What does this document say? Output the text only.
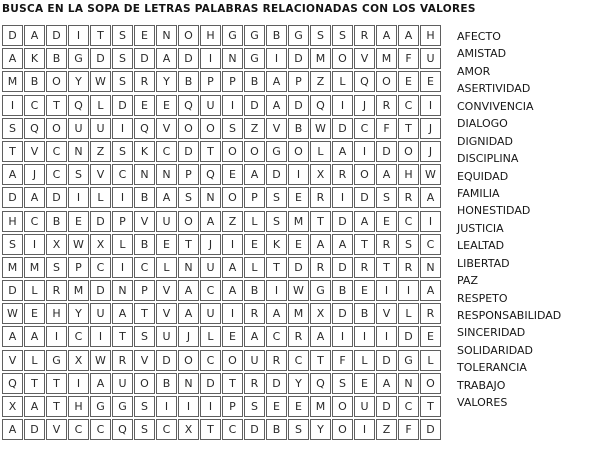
BUSCA EN LA SOPA DE LETRAS PALABRAS RELACIONADAS CON LOS VALORES
D	A	D	I	T	S	E	N	O	H	G	G	B	G	S	S	R	A	A	H
A	K	B	G	D	S	D	A	D	I	N	G	I	D	M	O	V	M	F	U
M	B	O	Y	W	S	R	Y	B	P	P	B	A	P	Z	L	Q	O	E	E
I	C	T	Q	L	D	E	E	Q	U	I	D	A	D	Q	I	J	R	C	I
S	Q	O	U	U	I	Q	V	O	O	S	Z	V	B	W	D	C	F	T	J
T	V	C	N	Z	S	K	C	D	T	O	O	G	O	L	A	I	D	O	J
A	J	C	S	V	C	N	N	P	Q	E	A	D	I	X	R	O	A	H	W
D	A	D	I	L	I	B	A	S	N	O	P	S	E	R	I	D	S	R	A
H	C	B	E	D	P	V	U	O	A	Z	L	S	M	T	D	A	E	C	I
S	I	X	W	X	L	B	E	T	J	I	E	K	E	A	A	T	R	S	C
M	M	S	P	C	I	C	L	N	U	A	L	T	D	R	D	R	T	R	N
D	L	R	M	D	N	P	V	A	C	A	B	I	W	G	B	E	I	I	A
W	E	H	Y	U	A	T	V	A	U	I	R	A	M	X	D	B	V	L	R
A	A	I	C	I	T	S	U	J	L	E	A	C	R	A	I	I	I	D	E
V	L	G	X	W	R	V	D	O	C	O	U	R	C	T	F	L	D	G	L
Q	T	T	I	A	U	O	B	N	D	T	R	D	Y	Q	S	E	A	N	O
X	A	T	H	G	G	S	I	I	I	P	S	E	E	M	O	U	D	C	T
A	D	V	C	C	Q	S	C	X	T	C	D	B	S	Y	O	I	Z	F	D
AFECTO
AMISTAD
AMOR
ASERTIVIDAD
CONVIVENCIA
DIALOGO
DIGNIDAD
DISCIPLINA
EQUIDAD
FAMILIA
HONESTIDAD
JUSTICIA
LEALTAD
LIBERTAD
PAZ
RESPETO
RESPONSABILIDAD
SINCERIDAD
SOLIDARIDAD
TOLERANCIA
TRABAJO
VALORES
